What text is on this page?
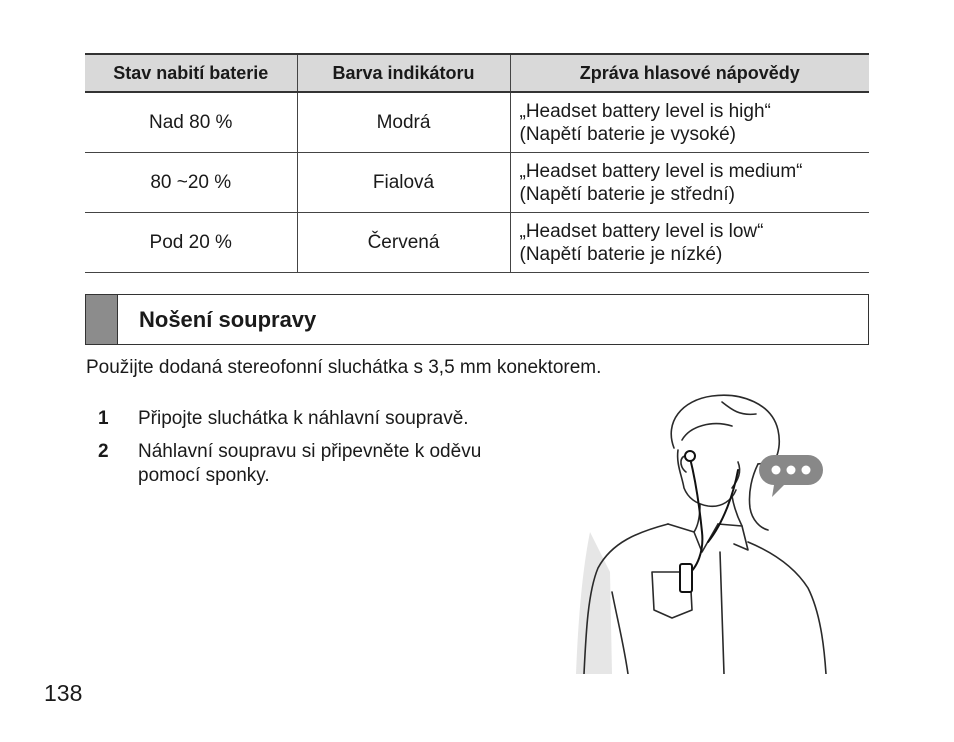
Stav nabití baterie	Barva indikátoru	Zpráva hlasové nápovědy
Nad 80 %	Modrá	„Headset battery level is high“
(Napětí baterie je vysoké)

80 ~20 %	Fialová	„Headset battery level is medium“
(Napětí baterie je střední)

Pod 20 %	Červená	„Headset battery level is low“
(Napětí baterie je nízké)
Nošení soupravy
Použijte dodaná stereofonní sluchátka s 3,5 mm konektorem.
1 Připojte sluchátka k náhlavní soupravě.
2 Náhlavní soupravu si připevněte k oděvu pomocí sponky.
138
